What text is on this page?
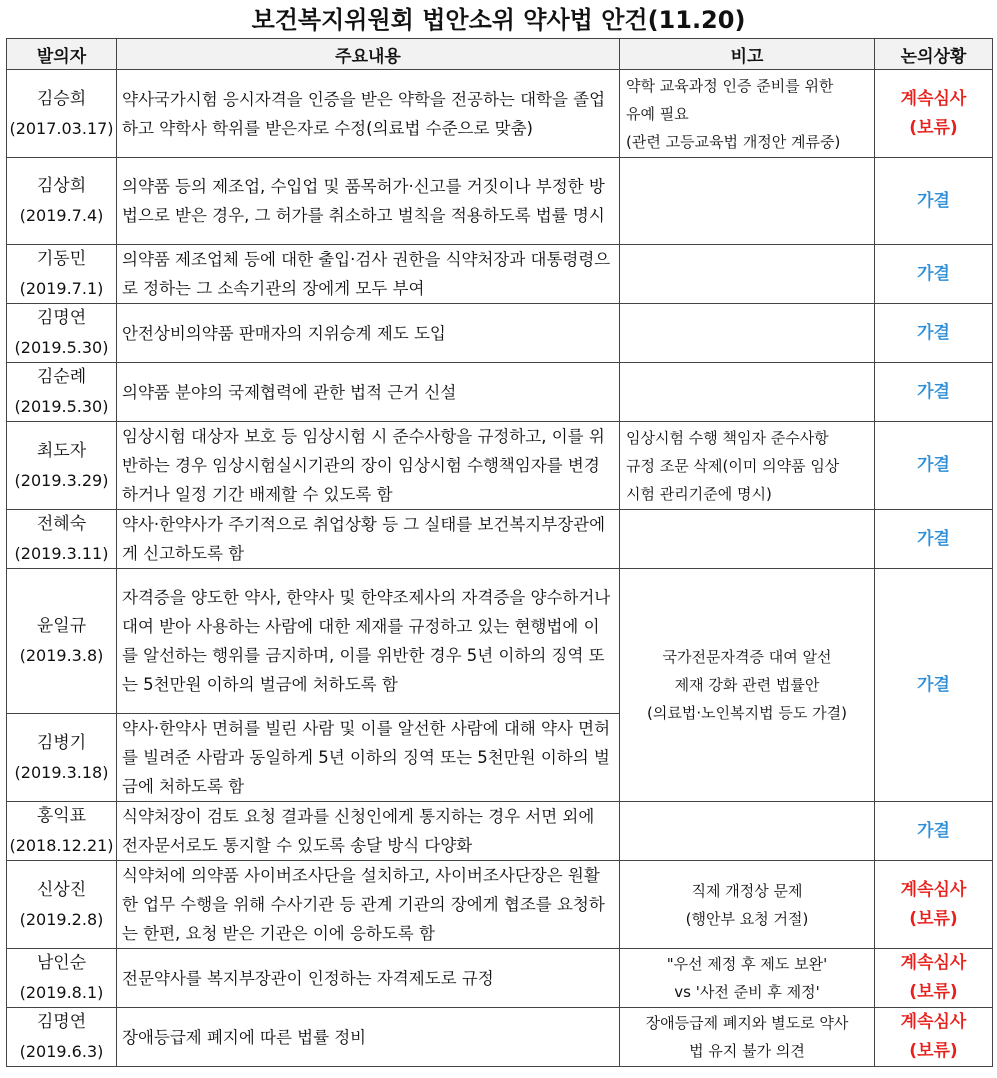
보건복지위원회 법안소위 약사법 안건(11.20)
발의자	주요내용	비고	논의상황

김승희
(2017.03.17)	약사국가시험 응시자격을 인증을 받은 약학을 전공하는 대학을 졸업하고 약학사 학위를 받은자로 수정(의료법 수준으로 맞춤)	약학 교육과정 인증 준비를 위한
유예 필요
(관련 고등교육법 개정안 계류중)	계속심사
(보류)

김상희
(2019.7.4)	의약품 등의 제조업, 수입업 및 품목허가·신고를 거짓이나 부정한 방법으로 받은 경우, 그 허가를 취소하고 벌칙을 적용하도록 법률 명시		가결

기동민
(2019.7.1)	의약품 제조업체 등에 대한 출입·검사 권한을 식약처장과 대통령령으로 정하는 그 소속기관의 장에게 모두 부여		가결

김명연
(2019.5.30)	안전상비의약품 판매자의 지위승계 제도 도입		가결

김순례
(2019.5.30)	의약품 분야의 국제협력에 관한 법적 근거 신설		가결

최도자
(2019.3.29)	임상시험 대상자 보호 등 임상시험 시 준수사항을 규정하고, 이를 위반하는 경우 임상시험실시기관의 장이 임상시험 수행책임자를 변경하거나 일정 기간 배제할 수 있도록 함	임상시험 수행 책임자 준수사항
규정 조문 삭제(이미 의약품 임상
시험 관리기준에 명시)	가결

전혜숙
(2019.3.11)	약사·한약사가 주기적으로 취업상황 등 그 실태를 보건복지부장관에게 신고하도록 함		가결

윤일규
(2019.3.8)	자격증을 양도한 약사, 한약사 및 한약조제사의 자격증을 양수하거나 대여 받아 사용하는 사람에 대한 제재를 규정하고 있는 현행법에 이를 알선하는 행위를 금지하며, 이를 위반한 경우 5년 이하의 징역 또는 5천만원 이하의 벌금에 처하도록 함	국가전문자격증 대여 알선
제재 강화 관련 법률안
(의료법·노인복지법 등도 가결)	가결

김병기
(2019.3.18)	약사·한약사 면허를 빌린 사람 및 이를 알선한 사람에 대해 약사 면허를 빌려준 사람과 동일하게 5년 이하의 징역 또는 5천만원 이하의 벌금에 처하도록 함		

홍익표
(2018.12.21)	식약처장이 검토 요청 결과를 신청인에게 통지하는 경우 서면 외에 전자문서로도 통지할 수 있도록 송달 방식 다양화		가결

신상진
(2019.2.8)	식약처에 의약품 사이버조사단을 설치하고, 사이버조사단장은 원활한 업무 수행을 위해 수사기관 등 관계 기관의 장에게 협조를 요청하는 한편, 요청 받은 기관은 이에 응하도록 함	직제 개정상 문제
(행안부 요청 거절)	계속심사
(보류)

남인순
(2019.8.1)	전문약사를 복지부장관이 인정하는 자격제도로 규정	"우선 제정 후 제도 보완'
vs '사전 준비 후 제정'	계속심사
(보류)

김명연
(2019.6.3)	장애등급제 폐지에 따른 법률 정비	장애등급제 폐지와 별도로 약사
법 유지 불가 의견	계속심사
(보류)
